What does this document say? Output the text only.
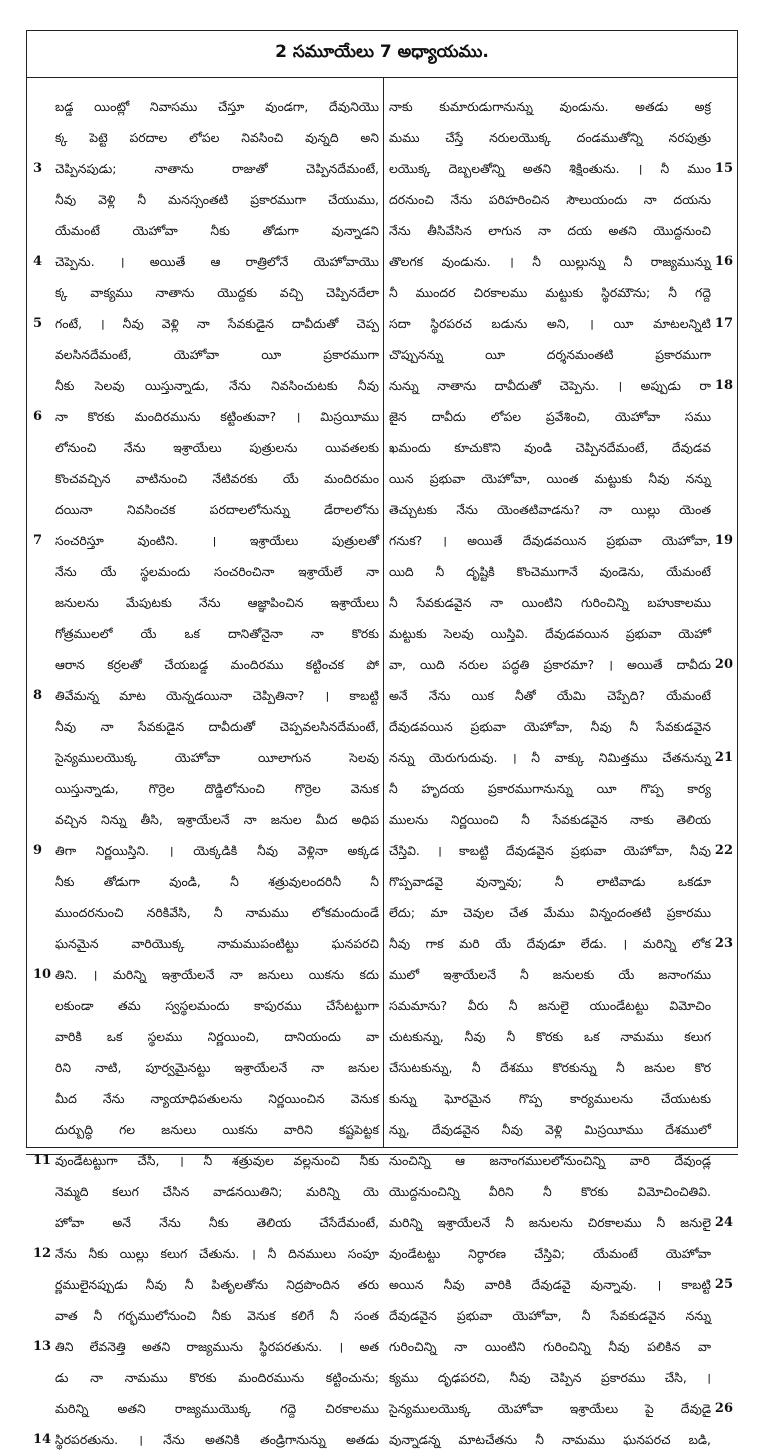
2 సమూయేలు 7 అధ్యాయము.
బడ్డ యింట్లో నివాసము చేస్తూ వుండగా, దేవునియొ
క్క పెట్టె పరదాల లోపల నివసించి వున్నది అని
3 చెప్పినపుడు; నాతాను రాజుతో చెప్పినదేమంటే,
నీవు వెళ్లి నీ మనస్సంతటి ప్రకారముగా చేయుము,
యేమంటే యెహోవా నీకు తోడుగా వున్నాడని
4 చెప్పెను. । అయితే ఆ రాత్రిలోనే యెహోవాయొ
క్క వాక్యము నాతాను యొద్దకు వచ్చి చెప్పినదేలా
5 గంటే, । నీవు వెళ్లి నా సేవకుడైన దావీదుతో చెప్ప
వలసినదేమంటే, యెహోవా యీ ప్రకారముగా
నీకు సెలవు యిస్తున్నాడు, నేను నివసించుటకు నీవు
6 నా కొరకు మందిరమును కట్టింతువా? । మిస్రయీము
లోనుంచి నేను ఇశ్రాయేలు పుత్రులను యివతలకు
కొంచవచ్చిన వాటినుంచి నేటివరకు యే మందిరమం
దయినా నివసించక పరదాలలోనున్ను డేరాలలోను
7 సంచరిస్తూ వుంటిని. । ఇశ్రాయేలు పుత్రులతో
నేను యే స్థలమందు సంచరించినా ఇశ్రాయేలే నా
జనులను మేపుటకు నేను ఆజ్ఞాపించిన ఇశ్రాయేలు
గోత్రములలో యే ఒక దానితోనైనా నా కొరకు
ఆరాన కర్రలతో చేయబడ్డ మందిరము కట్టించక పో
8 తివేమన్న మాట యెన్నడయినా చెప్పితినా? । కాబట్టి
నీవు నా సేవకుడైన దావీదుతో చెప్పవలసినదేమంటే,
సైన్యములయొక్క యెహోవా యీలాగున సెలవు
యిస్తున్నాడు, గొర్రెల దొడ్డిలోనుంచి గొర్రెల వెనుక
వచ్చిన నిన్ను తీసి, ఇశ్రాయేలనే నా జనుల మీద అధిప
9 తిగా నిర్ణయిస్తిని. । యెక్కడికి నీవు వెళ్లినా అక్కడ
నీకు తోడుగా వుండి, నీ శత్రువులందరినీ నీ
ముందరనుంచి నరికివేసి, నీ నామము లోకమందుండే
ఘనమైన వారియొక్క నామముపంటిట్టు ఘనపరచి
10 తిని. । మరిన్ని ఇశ్రాయేలనే నా జనులు యికను కదు
లకుండా తమ స్వస్థలమందు కాపురము చేసేటట్టుగా
వారికి ఒక స్థలము నిర్ణయించి, దానియందు వా
రిని నాటి, పూర్వమైనట్టు ఇశ్రాయేలనే నా జనుల
మీద నేను న్యాయాధిపతులను నిర్ణయించిన వెనుక
దుర్బుద్ధి గల జనులు యికను వారిని కష్టపెట్టక
11 వుండేటట్టుగా చేసి, । నీ శత్రువుల వల్లనుంచి నీకు
నెమ్మది కలుగ చేసిన వాడనయితిని; మరిన్ని యె
హోవా అనే నేను నీకు తెలియ చేసేదేమంటే,
12 నేను నీకు యిల్లు కలుగ చేతును. । నీ దినములు సంపూ
ర్ణములైనప్పుడు నీవు నీ పితృలతోను నిద్రపొందిన తరు
వాత నీ గర్భములోనుంచి నీకు వెనుక కలిగే నీ సంత
13 తిని లేవనెత్తి అతని రాజ్యమును స్థిరపరతును. । అత
డు నా నామము కొరకు మందిరమును కట్టించును;
మరిన్ని అతని రాజ్యముయొక్క గద్దె చిరకాలము
14 స్థిరపరతును. । నేను అతనికి తండ్రిగానున్ను అతడు
నాకు కుమారుడుగానున్ను వుండును. అతడు అక్ర
మము చేస్తే నరులయొక్క దండముతోన్ని నరపుత్రు
15
లయొక్క దెబ్బలతోన్ని అతని శిక్షింతును. । నీ ముం
దరనుంచి నేను పరిహరించిన సౌలుయందు నా దయను
నేను తీసివేసిన లాగున నా దయ అతని యొద్దనుంచి
16
తొలగక వుండును. । నీ యిల్లున్ను నీ రాజ్యమున్ను
నీ ముందర చిరకాలము మట్టుకు స్థిరమౌను; నీ గద్దె
17
సదా స్థిరపరచ బడును అని, । యీ మాటలన్నిటి
చొప్పునన్ను యీ దర్శనమంతటి ప్రకారముగా
18
నున్ను నాతాను దావీదుతో చెప్పెను. । అప్పుడు రా
జైన దావీదు లోపల ప్రవేశించి, యెహోవా సము
ఖమందు కూచుకొని వుండి చెప్పినదేమంటే, దేవుడవ
యిన ప్రభువా యెహోవా, యింత మట్టుకు నీవు నన్ను
తెచ్చుటకు నేను యెంతటివాడను? నా యిల్లు యెంత
19
గనుక? । అయితే దేవుడవయిన ప్రభువా యెహోవా,
యిది నీ దృష్టికి కొంచెముగానే వుండెను, యేమంటే
నీ సేవకుడవైన నా యింటిని గురించిన్ని బహుకాలము
మట్టుకు సెలవు యిస్తివి. దేవుడవయిన ప్రభువా యెహో
20
వా, యిది నరుల పద్ధతి ప్రకారమా? । అయితే దావీదు
అనే నేను యిక నీతో యేమి చెప్పేది? యేమంటే
దేవుడవయిన ప్రభువా యెహోవా, నీవు నీ సేవకుడవైన
21
నన్ను యెరుగుదువు. । నీ వాక్కు నిమిత్తము చేతనున్ను
నీ హృదయ ప్రకారముగానున్ను యీ గొప్ప కార్య
ములను నిర్ణయించి నీ సేవకుడవైన నాకు తెలియ
22
చేస్తివి. । కాబట్టి దేవుడవైన ప్రభువా యెహోవా, నీవు
గొప్పవాడవై వున్నావు; నీ లాటివాడు ఒకడూ
లేదు; మా చెవుల చేత మేము విన్నందంతటి ప్రకారము
23
నీవు గాక మరి యే దేవుడూ లేడు. । మరిన్ని లోక
ములో ఇశ్రాయేలనే నీ జనులకు యే జనాంగము
సమమాను? వీరు నీ జనులై యుండేటట్టు విమోచిం
చుటకున్ను, నీవు నీ కొరకు ఒక నామము కలుగ
చేసుటకున్ను, నీ దేశము కొరకున్ను నీ జనుల కొర
కున్ను ఘోరమైన గొప్ప కార్యములను చేయుటకు
న్ను, దేవుడవైన నీవు వెళ్లి మిస్రయీము దేశములో
నుంచిన్ని ఆ జనాంగములలోనుంచిన్ని వారి దేవుండ్ల
యొద్దనుంచిన్ని వీరిని నీ కొరకు విమోచించితివి.
24
మరిన్ని ఇశ్రాయేలనే నీ జనులను చిరకాలము నీ జనులై
వుండేటట్టు నిర్ధారణ చేస్తివి; యేమంటే యెహోవా
25
అయిన నీవు వారికి దేవుడవై వున్నావు. । కాబట్టి
దేవుడవైన ప్రభువా యెహోవా, నీ సేవకుడవైన నన్ను
గురించిన్ని నా యింటిని గురించిన్ని నీవు పలికిన వా
క్యము దృఢపరచి, నీవు చెప్పిన ప్రకారము చేసి, ।
26
సైన్యములయొక్క యెహోవా ఇశ్రాయేలు పై దేవుడై
వున్నాడన్న మాటచేతను నీ నామము ఘనపరచ బడి,
